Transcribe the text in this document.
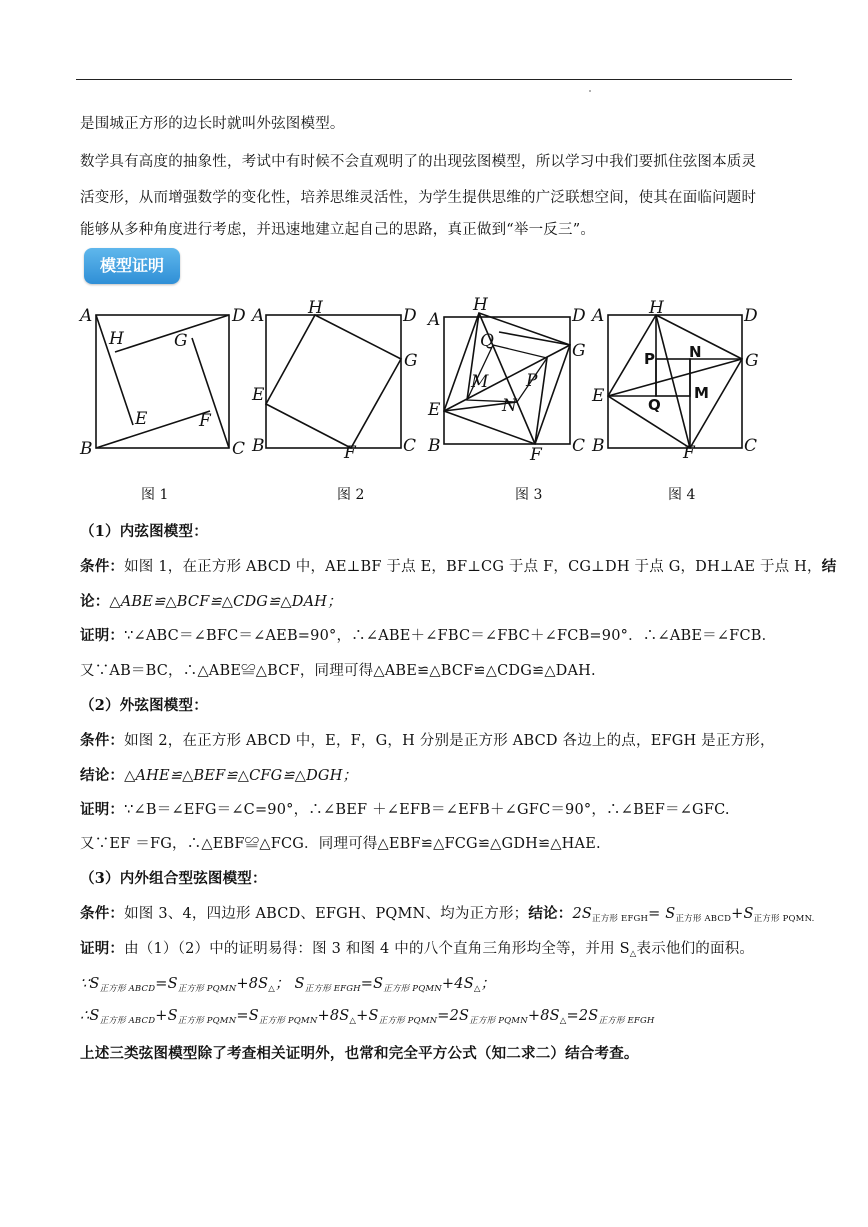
是围城正方形的边长时就叫外弦图模型。
数学具有高度的抽象性，考试中有时候不会直观明了的出现弦图模型，所以学习中我们要抓住弦图本质灵
活变形，从而增强数学的变化性，培养思维灵活性，为学生提供思维的广泛联想空间，使其在面临问题时
能够从多种角度进行考虑，并迅速地建立起自己的思路，真正做到“举一反三”。
模型证明
A
B	C
D
E	F
G
H
A
B	C
D
E
F
G
H
A
B	C
D
E
F
G
H
M
N
P
Q
A
B	C
D
E
F
G
H
M
N
P
Q
图 1	图 2	图 3	图 4
（1）内弦图模型：
条件：如图 1，在正方形 ABCD 中，AE⊥BF 于点 E，BF⊥CG 于点 F，CG⊥DH 于点 G，DH⊥AE 于点 H，结
论：△ABE≌△BCF≌△CDG≌△DAH；
证明：∵∠ABC＝∠BFC＝∠AEB=90°，∴∠ABE＋∠FBC＝∠FBC＋∠FCB=90°．∴∠ABE＝∠FCB．
又∵AB＝BC，∴△ABE≌△BCF，同理可得△ABE≌△BCF≌△CDG≌△DAH.
（2）外弦图模型：
条件：如图 2，在正方形 ABCD 中，E，F，G，H 分别是正方形 ABCD 各边上的点，EFGH 是正方形，
结论：△AHE≌△BEF≌△CFG≌△DGH；
证明：∵∠B＝∠EFG＝∠C=90°，∴∠BEF ＋∠EFB＝∠EFB＋∠GFC＝90°，∴∠BEF＝∠GFC.
又∵EF ＝FG，∴△EBF≌△FCG．同理可得△EBF≌△FCG≌△GDH≌△HAE.
（3）内外组合型弦图模型：
条件：如图 3、4，四边形 ABCD、EFGH、PQMN、均为正方形；结论：$2S_{正方形 EFGH}= S_{正方形 ABCD}+S_{正方形 PQMN.}$
证明：由（1）（2）中的证明易得：图 3 和图 4 中的八个直角三角形均全等，并用 $S_\triangle$表示他们的面积。
$\because S_{正方形 ABCD}=S_{正方形 PQMN}+8S_\triangle$； $S_{正方形 EFGH}=S_{正方形 PQMN}+4S_\triangle$；
$\therefore S_{正方形 ABCD}+S_{正方形 PQMN}=S_{正方形 PQMN}+8S_\triangle+S_{正方形 PQMN}=2S_{正方形 PQMN}+8S_\triangle=2S_{正方形 EFGH}$
上述三类弦图模型除了考查相关证明外，也常和完全平方公式（知二求二）结合考查。
